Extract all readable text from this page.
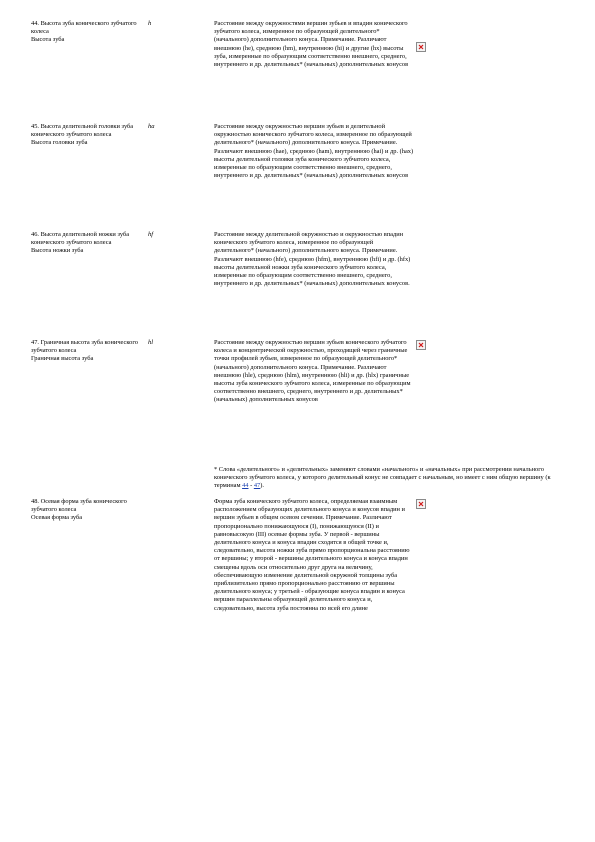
44. Высота зуба конического зубчатого колеса
Высота зуба
h	Расстояние между окружностями вершин зубьев и впадин конического зубчатого колеса, измеренное по образующей делительного* (начального) дополнительного конуса. Примечание. Различают внешнюю (he), среднюю (hm), внутреннюю (hi) и другие (hx) высоты зуба, измеренные по образующим соответственно внешнего, среднего, внутреннего и др. делительных* (начальных) дополнительных конусов
45. Высота делительной головки зуба конического зубчатого колеса
Высота головки зуба
ha	Расстояние между окружностью вершин зубьев и делительной окружностью конического зубчатого колеса, измеренное по образующей делительного* (начального) дополнительного конуса. Примечание. Различают внешнюю (hae), среднюю (ham), внутреннюю (hai) и др. (hax) высоты делительной головки зуба конического зубчатого колеса, измеренные по образующим соответственно внешнего, среднего, внутреннего и др. делительных* (начальных) дополнительных конусов
46. Высота делительной ножки зуба конического зубчатого колеса
Высота ножки зуба
hf	Расстояние между делительной окружностью и окружностью впадин конического зубчатого колеса, измеренное по образующей делительного* (начального) дополнительного конуса. Примечание. Различают внешнюю (hfe), среднюю (hfm), внутреннюю (hfi) и др. (hfx) высоты делительной ножки зуба конического зубчатого колеса, измеренные по образующим соответственно внешнего, среднего, внутреннего и др. делительных* (начальных) дополнительных конусов.
47. Граничная высота зуба конического зубчатого колеса
Граничная высота зуба
hl	Расстояние между окружностью вершин зубьев конического зубчатого колеса и концентрической окружностью, проходящей через граничные точки профилей зубьев, измеренное по образующей делительного* (начального) дополнительного конуса. Примечание. Различают внешнюю (hle), среднюю (hlm), внутреннюю (hli) и др. (hlx) граничные высоты зуба конического зубчатого колеса, измеренные по образующим соответственно внешнего, среднего, внутреннего и др. делительных* (начальных) дополнительных конусов
* Слова «делительного» и «делительных» заменяют словами «начального» и «начальных» при рассмотрении начального конического зубчатого колеса, у которого делительный конус не совпадает с начальным, но имеет с ним общую вершину (к терминам 44 - 47).
48. Осевая форма зуба конического зубчатого колеса
Осевая форма зуба
Форма зуба конического зубчатого колеса, определяемая взаимным расположением образующих делительного конуса и конусов впадин и вершин зубьев в общем осевом сечении. Примечание. Различают пропорционально понижающуюся (I), понижающуюся (II) и равновысокую (III) осевые формы зуба. У первой - вершины делительного конуса и конуса впадин сходятся в общей точке и, следовательно, высота ножки зуба прямо пропорциональна расстоянию от вершины; у второй - вершины делительного конуса и конуса впадин смещены вдоль оси относительно друг друга на величину, обеспечивающую изменение делительной окружной толщины зуба приблизительно прямо пропорционально расстоянию от вершины делительного конуса; у третьей - образующие конуса впадин и конуса вершин параллельны образующей делительного конуса и, следовательно, высота зуба постоянна по всей его длине
